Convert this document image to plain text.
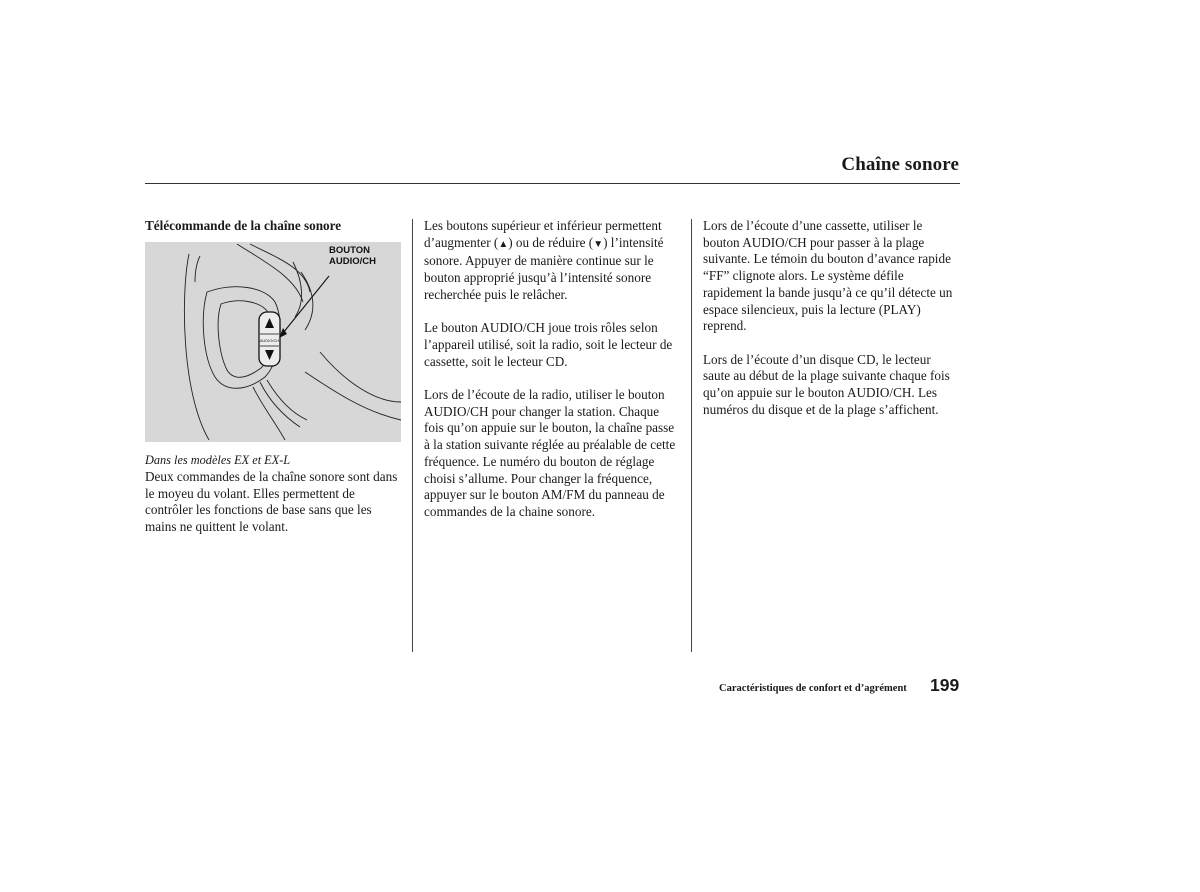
Chaîne sonore
Télécommande de la chaîne sonore
AUDIO/CH
BOUTON
AUDIO/CH
Dans les modèles EX et EX-L
Deux commandes de la chaîne sonore sont dans le moyeu du volant. Elles permettent de contrôler les fonctions de base sans que les mains ne quittent le volant.

Les boutons supérieur et inférieur permettent d’augmenter (▲) ou de réduire (▼) l’intensité sonore. Appuyer de manière continue sur le bouton approprié jusqu’à l’intensité sonore recherchée puis le relâcher.

Le bouton AUDIO/CH joue trois rôles selon l’appareil utilisé, soit la radio, soit le lecteur de cassette, soit le lecteur CD.

Lors de l’écoute de la radio, utiliser le bouton AUDIO/CH pour changer la station. Chaque fois qu’on appuie sur le bouton, la chaîne passe à la station suivante réglée au préalable de cette fréquence. Le numéro du bouton de réglage choisi s’allume. Pour changer la fréquence, appuyer sur le bouton AM/FM du panneau de commandes de la chaine sonore.

Lors de l’écoute d’une cassette, utiliser le bouton AUDIO/CH pour passer à la plage suivante. Le témoin du bouton d’avance rapide “FF” clignote alors. Le système défile rapidement la bande jusqu’à ce qu’il détecte un espace silencieux, puis la lecture (PLAY) reprend.

Lors de l’écoute d’un disque CD, le lecteur saute au début de la plage suivante chaque fois qu’on appuie sur le bouton AUDIO/CH. Les numéros du disque et de la plage s’affichent.

Caractéristiques de confort et d’agrément 199
